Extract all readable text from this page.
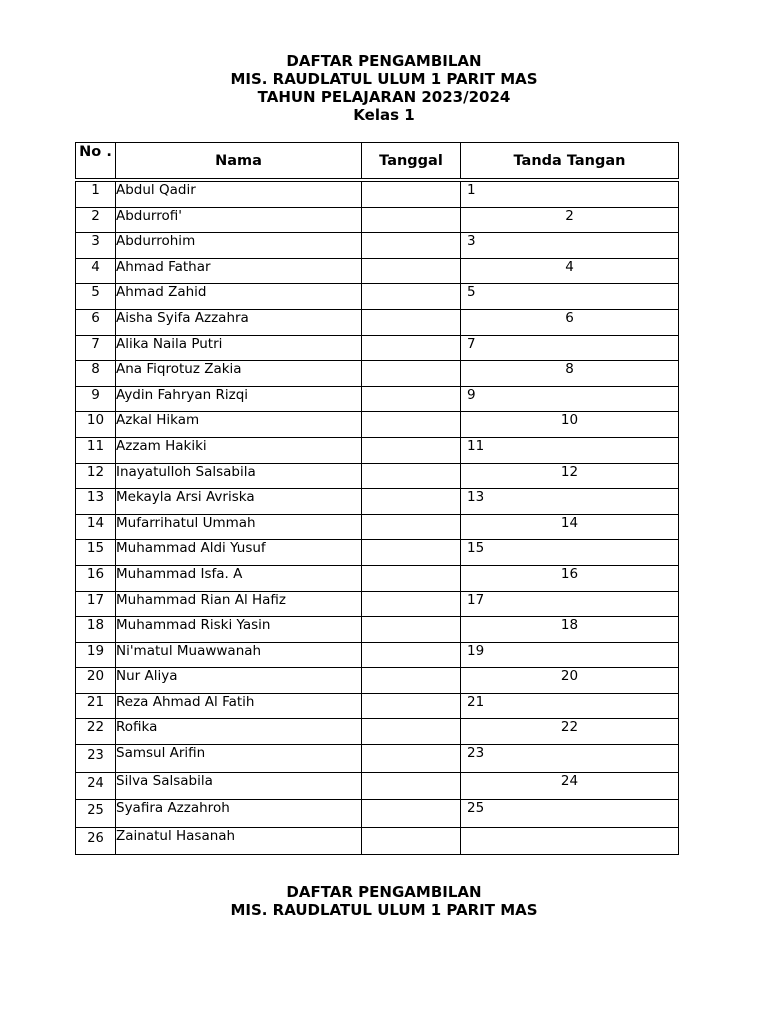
DAFTAR PENGAMBILAN
MIS. RAUDLATUL ULUM 1 PARIT MAS
TAHUN PELAJARAN 2023/2024
Kelas 1
No .	Nama	Tanggal	Tanda Tangan
1	Abdul Qadir		1
2	Abdurrofi'		2
3	Abdurrohim		3
4	Ahmad Fathar		4
5	Ahmad Zahid		5
6	Aisha Syifa Azzahra		6
7	Alika Naila Putri		7
8	Ana Fiqrotuz Zakia		8
9	Aydin Fahryan Rizqi		9
10	Azkal Hikam		10
11	Azzam Hakiki		11
12	Inayatulloh Salsabila		12
13	Mekayla Arsi Avriska		13
14	Mufarrihatul Ummah		14
15	Muhammad Aldi Yusuf		15
16	Muhammad Isfa. A		16
17	Muhammad Rian Al Hafiz		17
18	Muhammad Riski Yasin		18
19	Ni'matul Muawwanah		19
20	Nur Aliya		20
21	Reza Ahmad Al Fatih		21
22	Rofika		22
23	Samsul Arifin		23
24	Silva Salsabila		24
25	Syafira Azzahroh		25
26	Zainatul Hasanah		
DAFTAR PENGAMBILAN
MIS. RAUDLATUL ULUM 1 PARIT MAS
